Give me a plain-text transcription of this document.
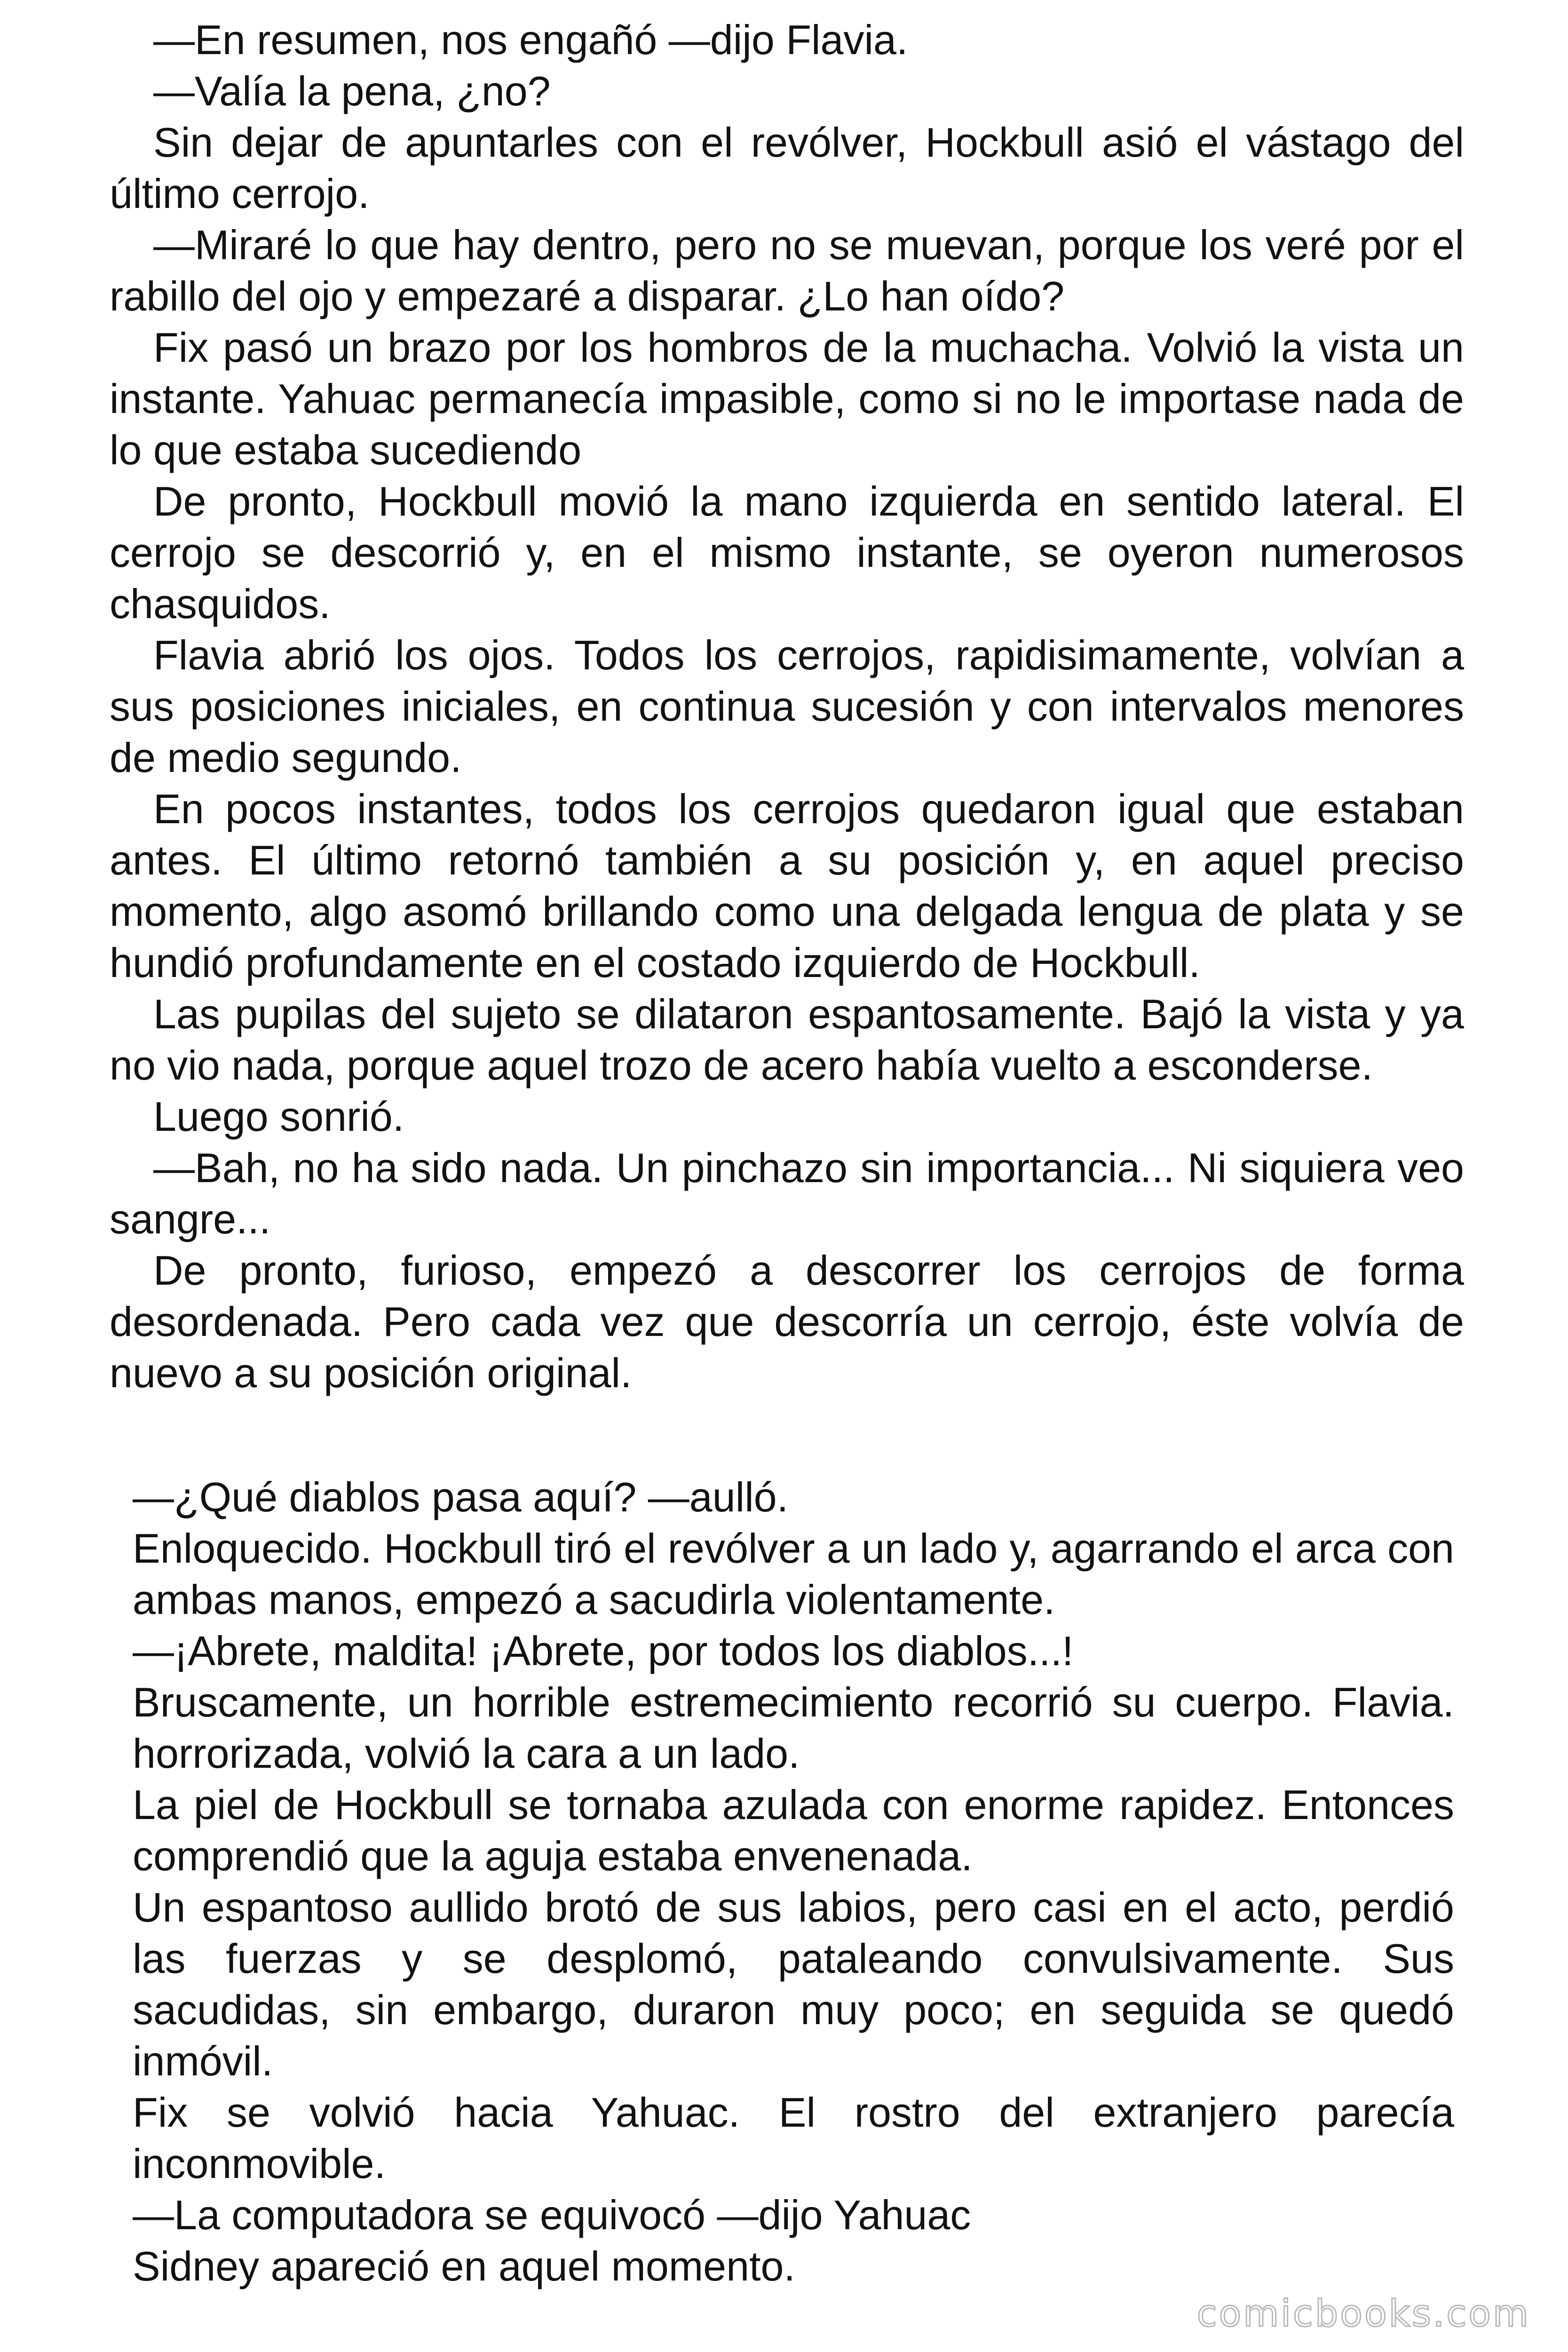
—En resumen, nos engañó —dijo Flavia.

—Valía la pena, ¿no?

Sin dejar de apuntarles con el revólver, Hockbull asió el vástago del último cerrojo.

—Miraré lo que hay dentro, pero no se muevan, porque los veré por el rabillo del ojo y empezaré a disparar. ¿Lo han oído?

Fix pasó un brazo por los hombros de la muchacha. Volvió la vista un instante. Yahuac permanecía impasible, como si no le importase nada de lo que estaba sucediendo

De pronto, Hockbull movió la mano izquierda en sentido lateral. El cerrojo se descorrió y, en el mismo instante, se oyeron numerosos chasquidos.

Flavia abrió los ojos. Todos los cerrojos, rapidisimamente, volvían a sus posiciones iniciales, en continua sucesión y con intervalos menores de medio segundo.

En pocos instantes, todos los cerrojos quedaron igual que estaban antes. El último retornó también a su posición y, en aquel preciso momento, algo asomó brillando como una delgada lengua de plata y se hundió profundamente en el costado izquierdo de Hockbull.

Las pupilas del sujeto se dilataron espantosamente. Bajó la vista y ya no vio nada, porque aquel trozo de acero había vuelto a esconderse.

Luego sonrió.

—Bah, no ha sido nada. Un pinchazo sin importancia... Ni siquiera veo sangre...

De pronto, furioso, empezó a descorrer los cerrojos de forma desordenada. Pero cada vez que descorría un cerrojo, éste volvía de nuevo a su posición original.

—¿Qué diablos pasa aquí? —aulló.

Enloquecido. Hockbull tiró el revólver a un lado y, agarrando el arca con ambas manos, empezó a sacudirla violentamente.

—¡Abrete, maldita! ¡Abrete, por todos los diablos...!

Bruscamente, un horrible estremecimiento recorrió su cuerpo. Flavia. horrorizada, volvió la cara a un lado.

La piel de Hockbull se tornaba azulada con enorme rapidez. Entonces comprendió que la aguja estaba envenenada.

Un espantoso aullido brotó de sus labios, pero casi en el acto, perdió las fuerzas y se desplomó, pataleando convulsivamente. Sus sacudidas, sin embargo, duraron muy poco; en seguida se quedó inmóvil.

Fix se volvió hacia Yahuac. El rostro del extranjero parecía inconmovible.

—La computadora se equivocó —dijo Yahuac

Sidney apareció en aquel momento.

comicbooks.com
